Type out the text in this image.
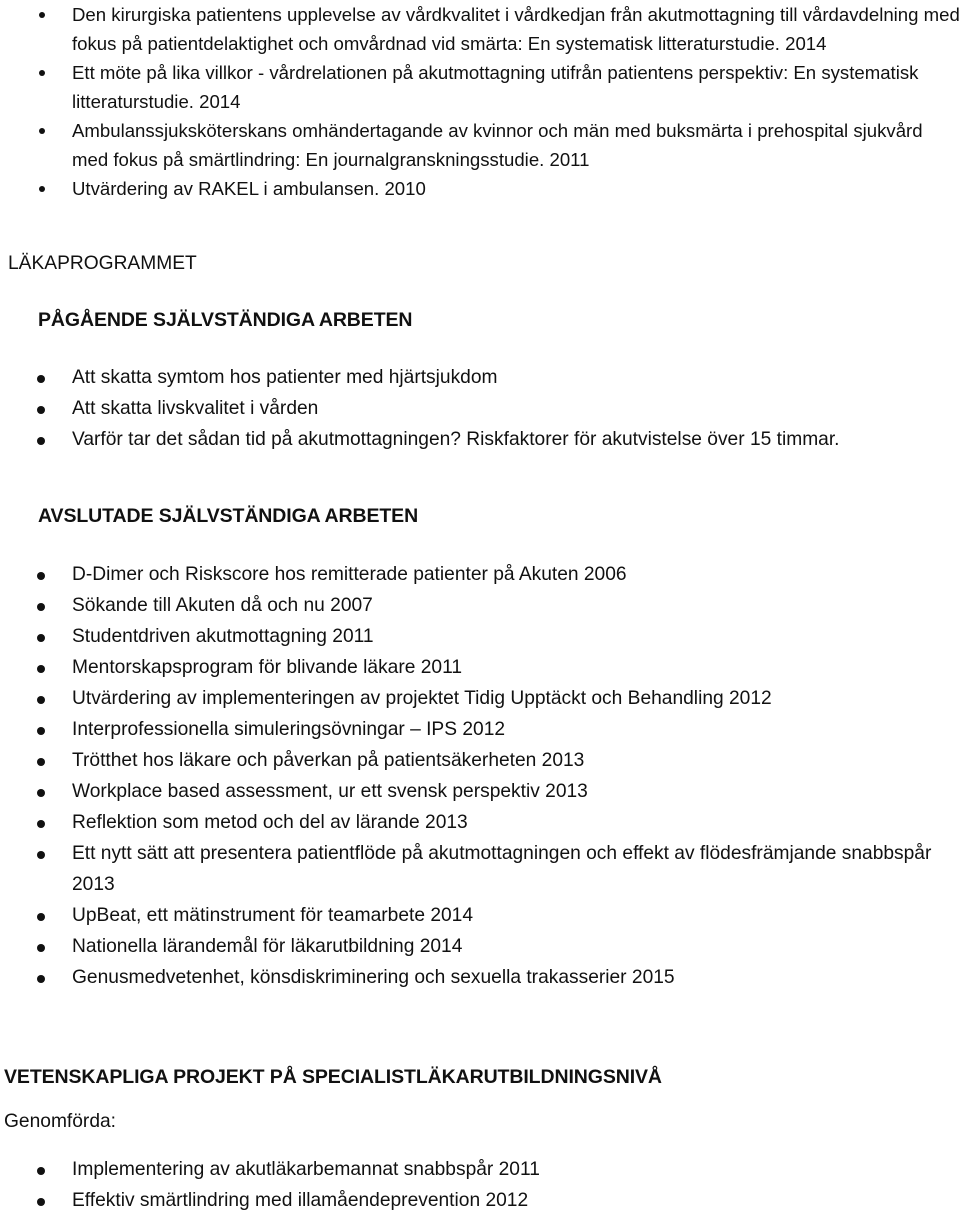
Den kirurgiska patientens upplevelse av vårdkvalitet i vårdkedjan från akutmottagning till vårdavdelning med fokus på patientdelaktighet och omvårdnad vid smärta: En systematisk litteraturstudie. 2014
Ett möte på lika villkor - vårdrelationen på akutmottagning utifrån patientens perspektiv: En systematisk litteraturstudie. 2014
Ambulanssjuksköterskans omhändertagande av kvinnor och män med buksmärta i prehospital sjukvård med fokus på smärtlindring: En journalgranskningsstudie. 2011
Utvärdering av RAKEL i ambulansen. 2010

LÄKAPROGRAMMET

PÅGÅENDE SJÄLVSTÄNDIGA ARBETEN

Att skatta symtom hos patienter med hjärtsjukdom
Att skatta livskvalitet i vården
Varför tar det sådan tid på akutmottagningen? Riskfaktorer för akutvistelse över 15 timmar.

AVSLUTADE SJÄLVSTÄNDIGA ARBETEN

D-Dimer och Riskscore hos remitterade patienter på Akuten 2006
Sökande till Akuten då och nu 2007
Studentdriven akutmottagning 2011
Mentorskapsprogram för blivande läkare 2011
Utvärdering av implementeringen av projektet Tidig Upptäckt och Behandling 2012
Interprofessionella simuleringsövningar – IPS 2012
Trötthet hos läkare och påverkan på patientsäkerheten 2013
Workplace based assessment, ur ett svensk perspektiv 2013
Reflektion som metod och del av lärande 2013
Ett nytt sätt att presentera patientflöde på akutmottagningen och effekt av flödesfrämjande snabbspår 2013
UpBeat, ett mätinstrument för teamarbete 2014
Nationella lärandemål för läkarutbildning 2014
Genusmedvetenhet, könsdiskriminering och sexuella trakasserier 2015

VETENSKAPLIGA PROJEKT PÅ SPECIALISTLÄKARUTBILDNINGSNIVÅ

Genomförda:

Implementering av akutläkarbemannat snabbspår 2011
Effektiv smärtlindring med illamåendeprevention 2012
